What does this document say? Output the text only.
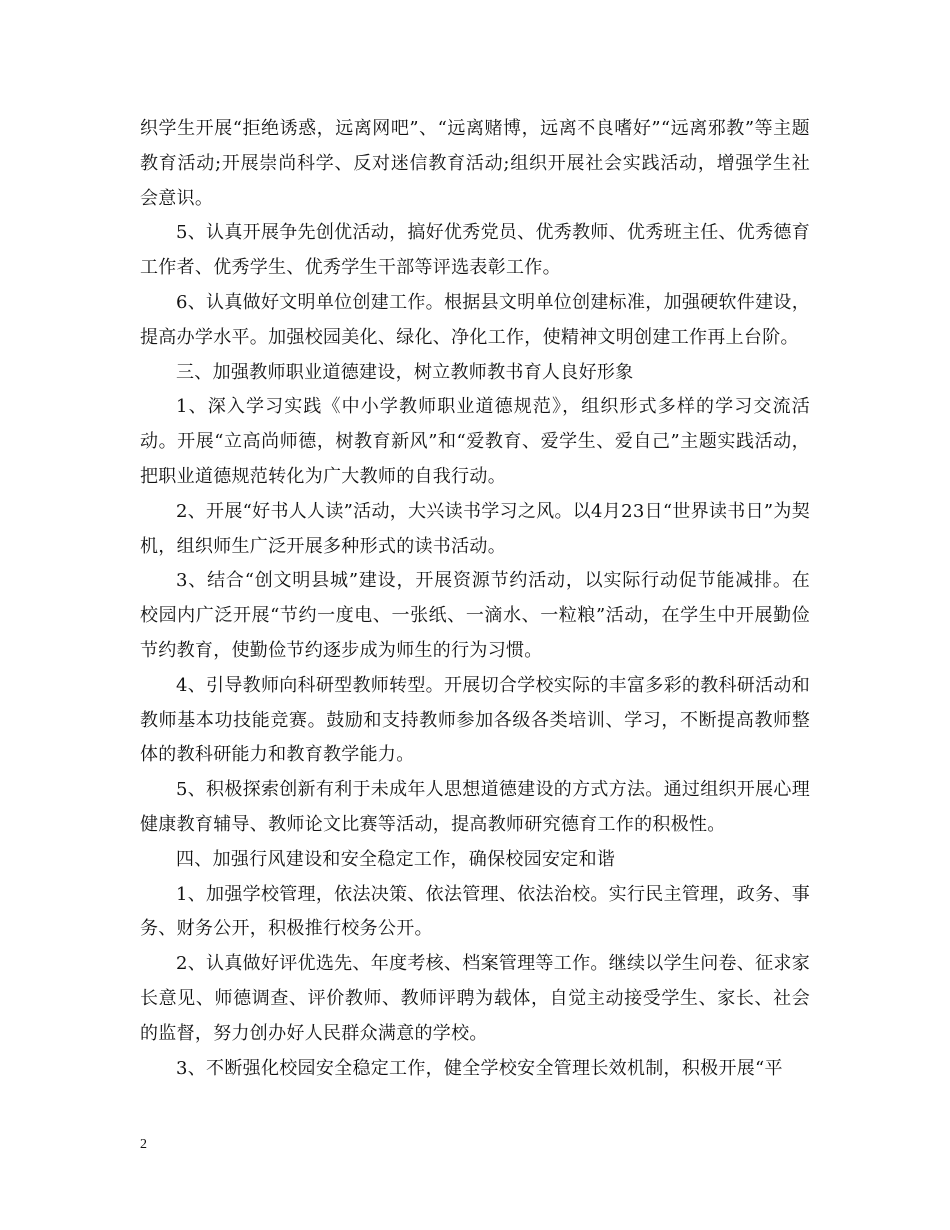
织学生开展“拒绝诱惑，远离网吧”、“远离赌博，远离不良嗜好”“远离邪教”等主题教育活动;开展崇尚科学、反对迷信教育活动;组织开展社会实践活动，增强学生社会意识。

5、认真开展争先创优活动，搞好优秀党员、优秀教师、优秀班主任、优秀德育工作者、优秀学生、优秀学生干部等评选表彰工作。

6、认真做好文明单位创建工作。根据县文明单位创建标准，加强硬软件建设，提高办学水平。加强校园美化、绿化、净化工作，使精神文明创建工作再上台阶。

三、加强教师职业道德建设，树立教师教书育人良好形象

1、深入学习实践《中小学教师职业道德规范》，组织形式多样的学习交流活动。开展“立高尚师德，树教育新风”和“爱教育、爱学生、爱自己”主题实践活动，把职业道德规范转化为广大教师的自我行动。

2、开展“好书人人读”活动，大兴读书学习之风。以4月23日“世界读书日”为契机，组织师生广泛开展多种形式的读书活动。

3、结合“创文明县城”建设，开展资源节约活动，以实际行动促节能减排。在校园内广泛开展“节约一度电、一张纸、一滴水、一粒粮”活动，在学生中开展勤俭节约教育，使勤俭节约逐步成为师生的行为习惯。

4、引导教师向科研型教师转型。开展切合学校实际的丰富多彩的教科研活动和教师基本功技能竞赛。鼓励和支持教师参加各级各类培训、学习，不断提高教师整体的教科研能力和教育教学能力。

5、积极探索创新有利于未成年人思想道德建设的方式方法。通过组织开展心理健康教育辅导、教师论文比赛等活动，提高教师研究德育工作的积极性。

四、加强行风建设和安全稳定工作，确保校园安定和谐

1、加强学校管理，依法决策、依法管理、依法治校。实行民主管理，政务、事务、财务公开，积极推行校务公开。

2、认真做好评优选先、年度考核、档案管理等工作。继续以学生问卷、征求家长意见、师德调查、评价教师、教师评聘为载体，自觉主动接受学生、家长、社会的监督，努力创办好人民群众满意的学校。

3、不断强化校园安全稳定工作，健全学校安全管理长效机制，积极开展“平

2
